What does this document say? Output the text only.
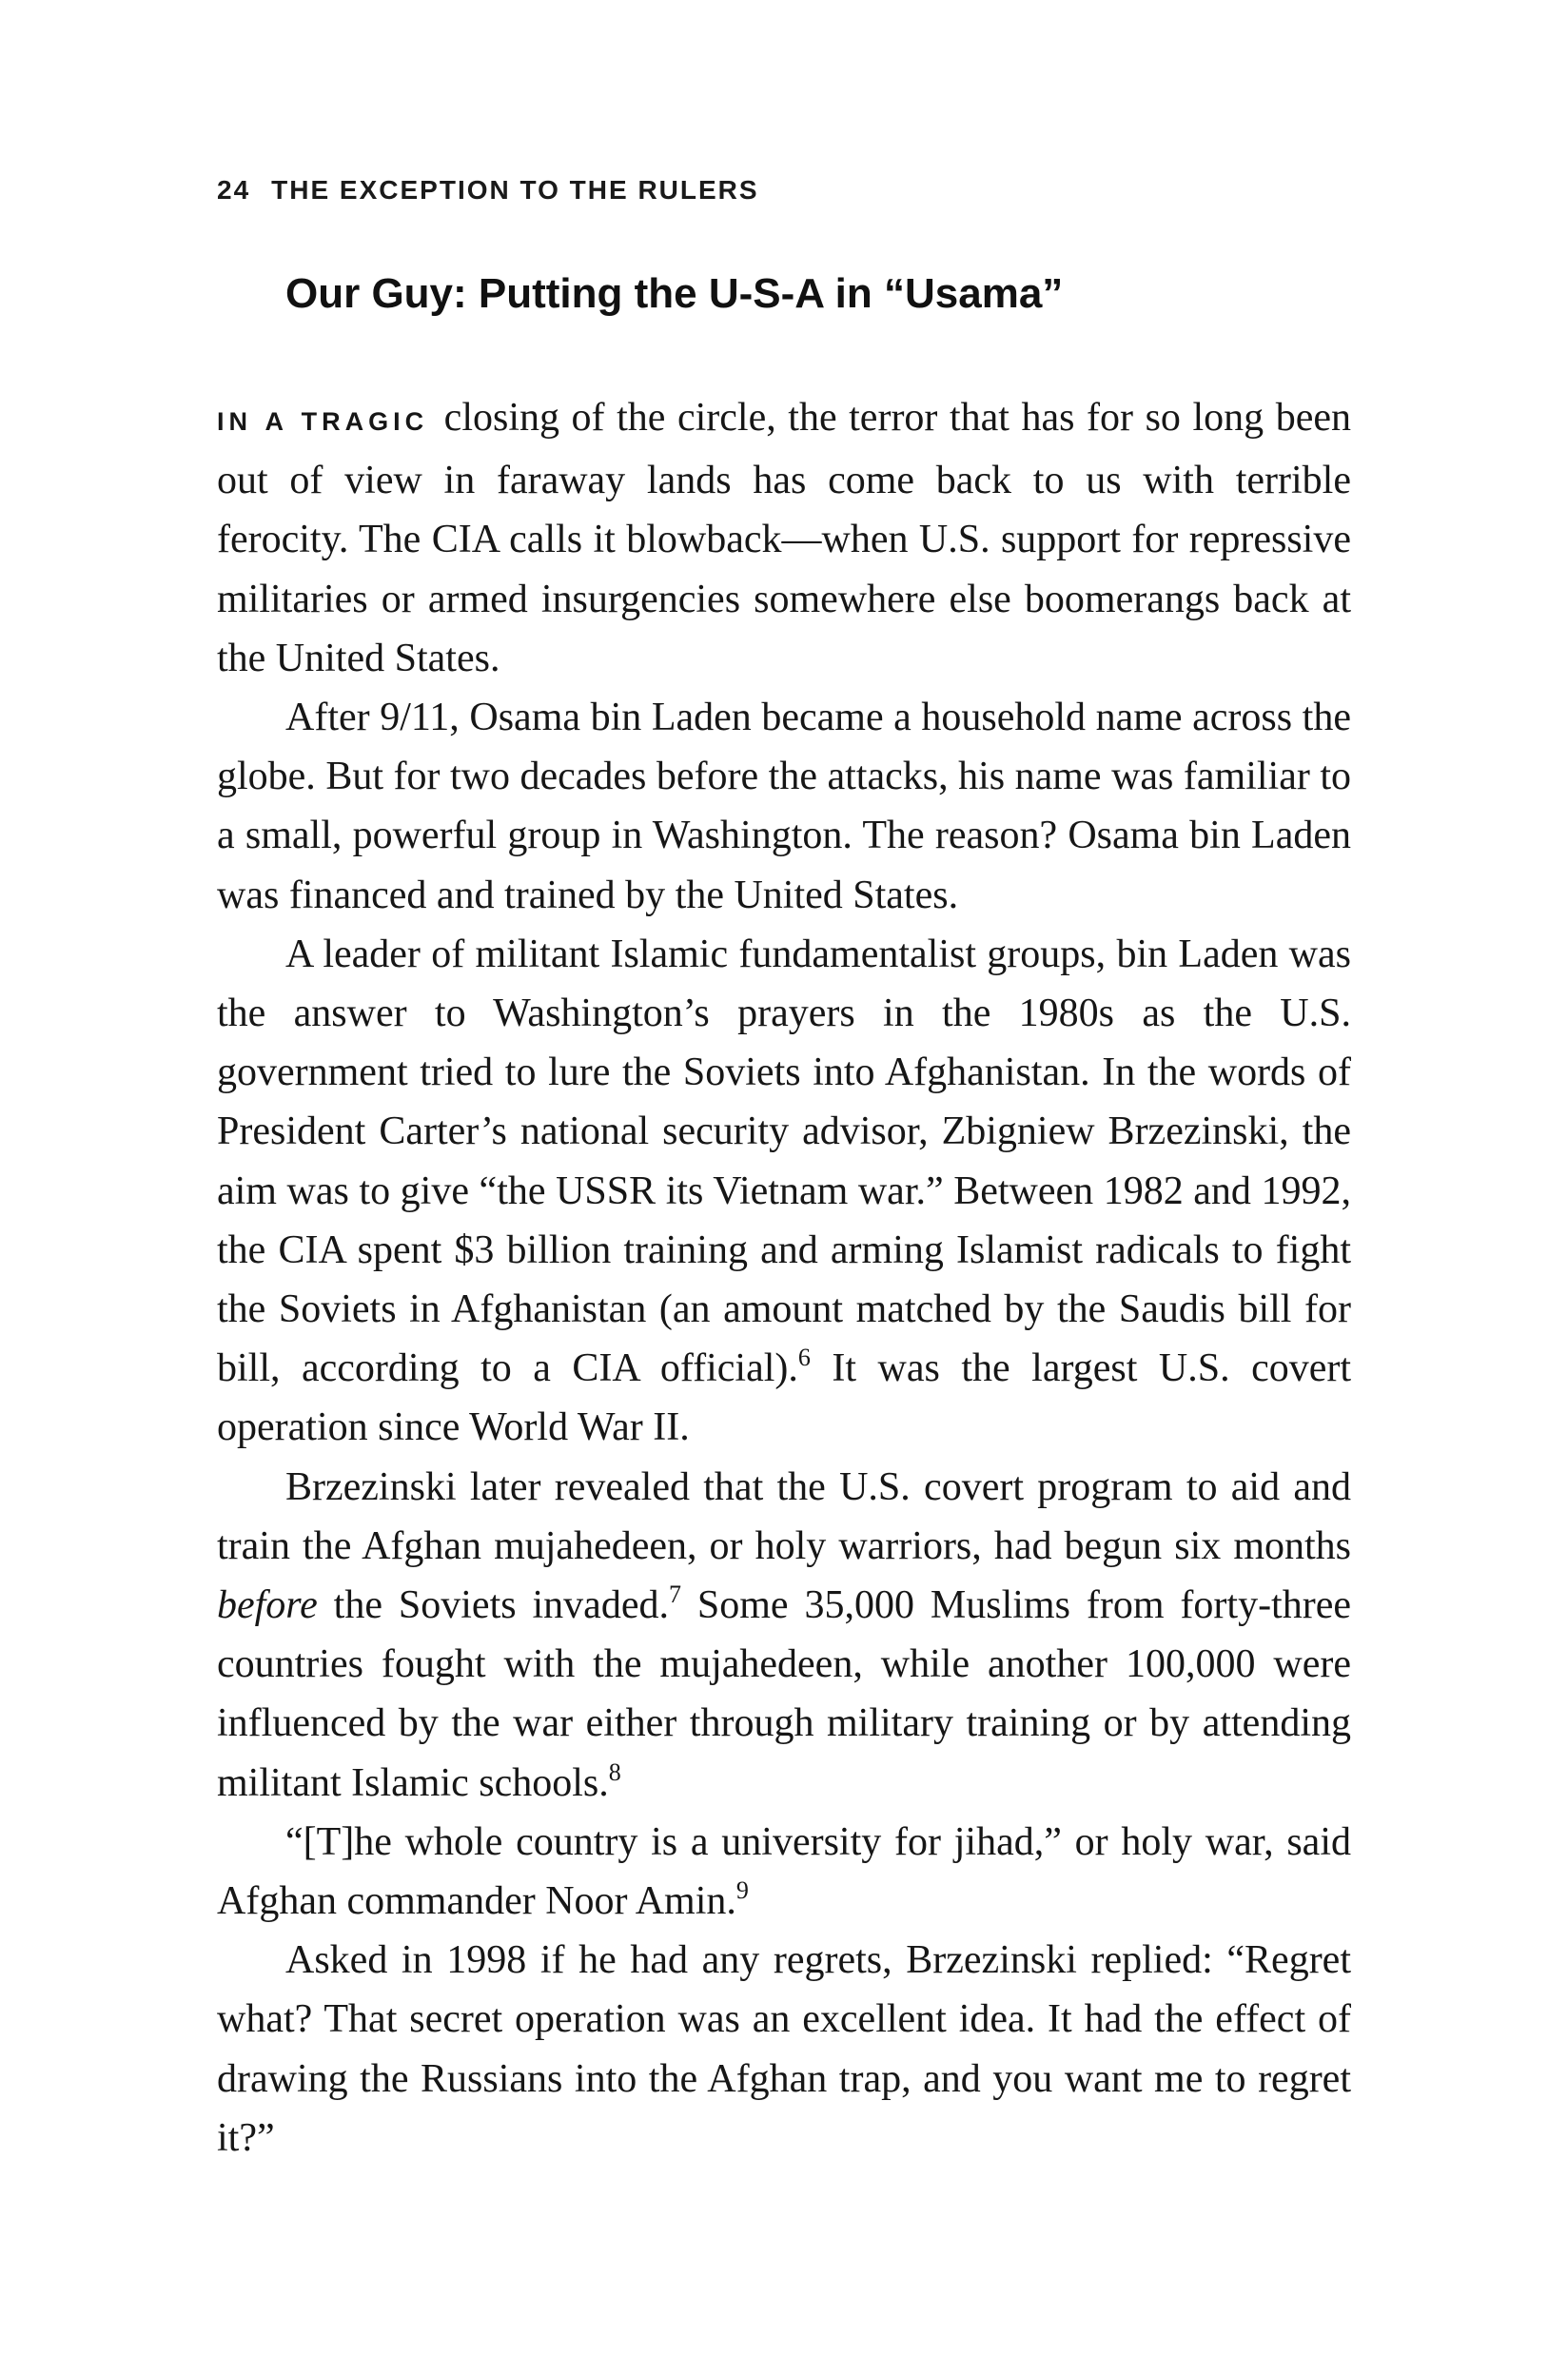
24 THE EXCEPTION TO THE RULERS
Our Guy: Putting the U-S-A in “Usama”

IN A TRAGIC closing of the circle, the terror that has for so long been out of view in faraway lands has come back to us with terrible ferocity. The CIA calls it blowback—when U.S. support for repressive militaries or armed insurgencies somewhere else boomerangs back at the United States.

After 9/11, Osama bin Laden became a household name across the globe. But for two decades before the attacks, his name was familiar to a small, powerful group in Washington. The reason? Osama bin Laden was financed and trained by the United States.

A leader of militant Islamic fundamentalist groups, bin Laden was the answer to Washington’s prayers in the 1980s as the U.S. government tried to lure the Soviets into Afghanistan. In the words of President Carter’s national security advisor, Zbigniew Brzezinski, the aim was to give “the USSR its Vietnam war.” Between 1982 and 1992, the CIA spent $3 billion training and arming Islamist radicals to fight the Soviets in Afghanistan (an amount matched by the Saudis bill for bill, according to a CIA official).$^6$ It was the largest U.S. covert operation since World War II.

Brzezinski later revealed that the U.S. covert program to aid and train the Afghan mujahedeen, or holy warriors, had begun six months before the Soviets invaded.$^7$ Some 35,000 Muslims from forty-three countries fought with the mujahedeen, while another 100,000 were influenced by the war either through military training or by attending militant Islamic schools.$^8$

“[T]he whole country is a university for jihad,” or holy war, said Afghan commander Noor Amin.$^9$

Asked in 1998 if he had any regrets, Brzezinski replied: “Regret what? That secret operation was an excellent idea. It had the effect of drawing the Russians into the Afghan trap, and you want me to regret it?”
